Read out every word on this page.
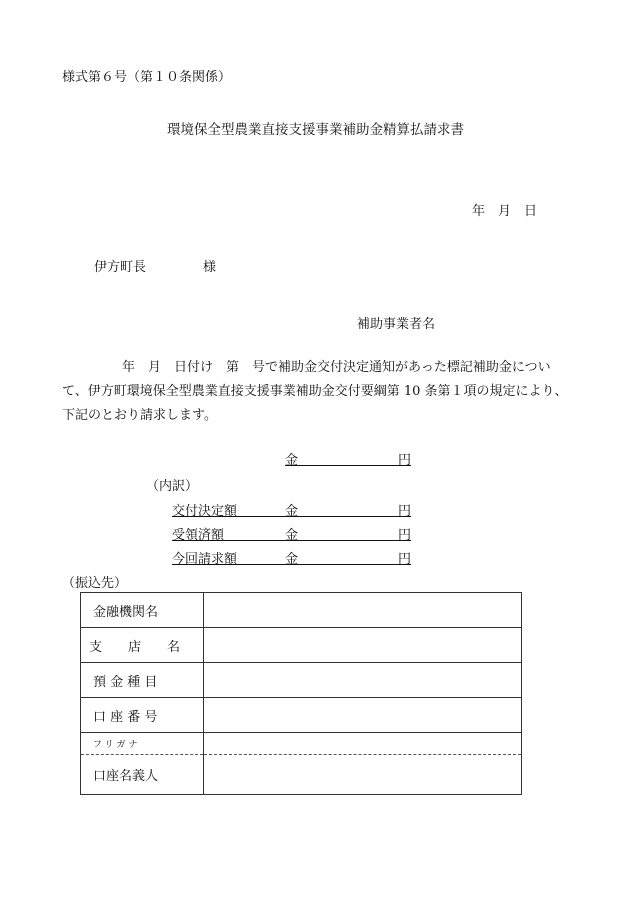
様式第６号（第１０条関係）
環境保全型農業直接支援事業補助金精算払請求書
年　月　日
伊方町長	様
補助事業者名
年　月　日付け　第　号で補助金交付決定通知があった標記補助金につい
て、伊方町環境保全型農業直接支援事業補助金交付要綱第 10 条第１項の規定により、
下記のとおり請求します。
金	円
（内訳）
交付決定額	金	円
受領済額	金	円
今回請求額	金	円
（振込先）
金融機関名	
支　　店　　名	
預 金 種 目	
口 座 番 号	
フリガナ	
口座名義人	
